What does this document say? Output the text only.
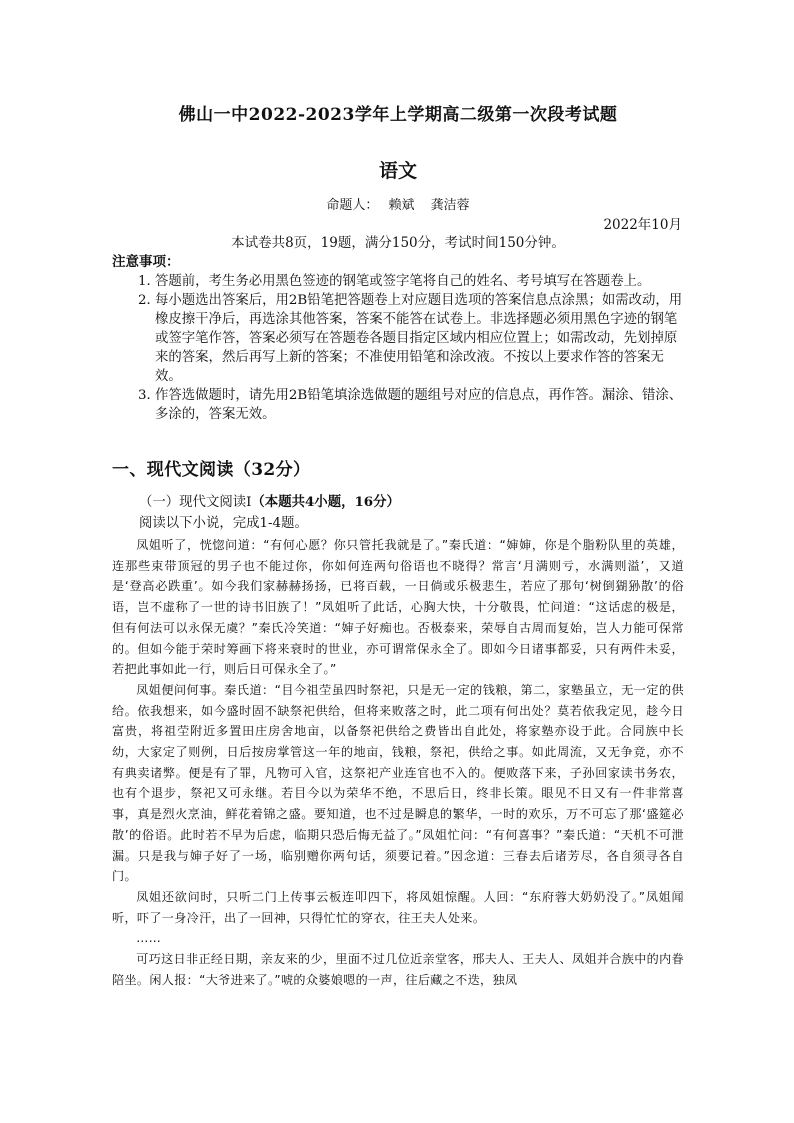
佛山一中2022-2023学年上学期高二级第一次段考试题
语文
命题人： 赖斌 龚洁蓉
2022年10月
本试卷共8页，19题，满分150分，考试时间150分钟。
注意事项：
1．
答题前，考生务必用黑色签迹的钢笔或签字笔将自己的姓名、考号填写在答题卷上。
2．
每小题选出答案后，用2B铅笔把答题卷上对应题目选项的答案信息点涂黑；如需改动，用橡皮擦干净后，再选涂其他答案，答案不能答在试卷上。非选择题必须用黑色字迹的钢笔或签字笔作答，答案必须写在答题卷各题目指定区域内相应位置上；如需改动，先划掉原来的答案，然后再写上新的答案；不准使用铅笔和涂改液。不按以上要求作答的答案无效。
3．
作答选做题时，请先用2B铅笔填涂选做题的题组号对应的信息点，再作答。漏涂、错涂、多涂的，答案无效。
一、现代文阅读（32分）
（一）现代文阅读Ⅰ（本题共4小题，16分）
阅读以下小说，完成1-4题。

凤姐听了，恍惚问道：“有何心愿？你只管托我就是了。”秦氏道：“婶婶，你是个脂粉队里的英雄，连那些束带顶冠的男子也不能过你，你如何连两句俗语也不晓得？常言‘月满则亏，水满则溢’，又道是‘登高必跌重’。如今我们家赫赫扬扬，已将百载，一日倘或乐极悲生，若应了那句‘树倒猢狲散’的俗语，岂不虚称了一世的诗书旧族了！”凤姐听了此话，心胸大快，十分敬畏，忙问道：“这话虑的极是，但有何法可以永保无虞？”秦氏冷笑道：“婶子好痴也。否极泰来，荣辱自古周而复始，岂人力能可保常的。但如今能于荣时筹画下将来衰时的世业，亦可谓常保永全了。即如今日诸事都妥，只有两件未妥，若把此事如此一行，则后日可保永全了。”

凤姐便问何事。秦氏道：“目今祖茔虽四时祭祀，只是无一定的钱粮，第二，家塾虽立，无一定的供给。依我想来，如今盛时固不缺祭祀供给，但将来败落之时，此二项有何出处？莫若依我定见，趁今日富贵，将祖茔附近多置田庄房舍地亩，以备祭祀供给之费皆出自此处，将家塾亦设于此。合同族中长幼，大家定了则例，日后按房掌管这一年的地亩，钱粮，祭祀，供给之事。如此周流，又无争竞，亦不有典卖诸弊。便是有了罪，凡物可入官，这祭祀产业连官也不入的。便败落下来，子孙回家读书务农，也有个退步，祭祀又可永继。若目今以为荣华不绝，不思后日，终非长策。眼见不日又有一件非常喜事，真是烈火烹油，鲜花着锦之盛。要知道，也不过是瞬息的繁华，一时的欢乐，万不可忘了那‘盛筵必散’的俗语。此时若不早为后虑，临期只恐后悔无益了。”凤姐忙问：“有何喜事？”秦氏道：“天机不可泄漏。只是我与婶子好了一场，临别赠你两句话，须要记着。”因念道：三春去后诸芳尽，各自须寻各自门。

凤姐还欲问时，只听二门上传事云板连叩四下，将凤姐惊醒。人回：“东府蓉大奶奶没了。”凤姐闻听，吓了一身冷汗，出了一回神，只得忙忙的穿衣，往王夫人处来。

……

可巧这日非正经日期，亲友来的少，里面不过几位近亲堂客，邢夫人、王夫人、凤姐并合族中的内眷陪坐。闲人报：“大爷进来了。”唬的众婆娘嗯的一声，往后藏之不迭，独凤
